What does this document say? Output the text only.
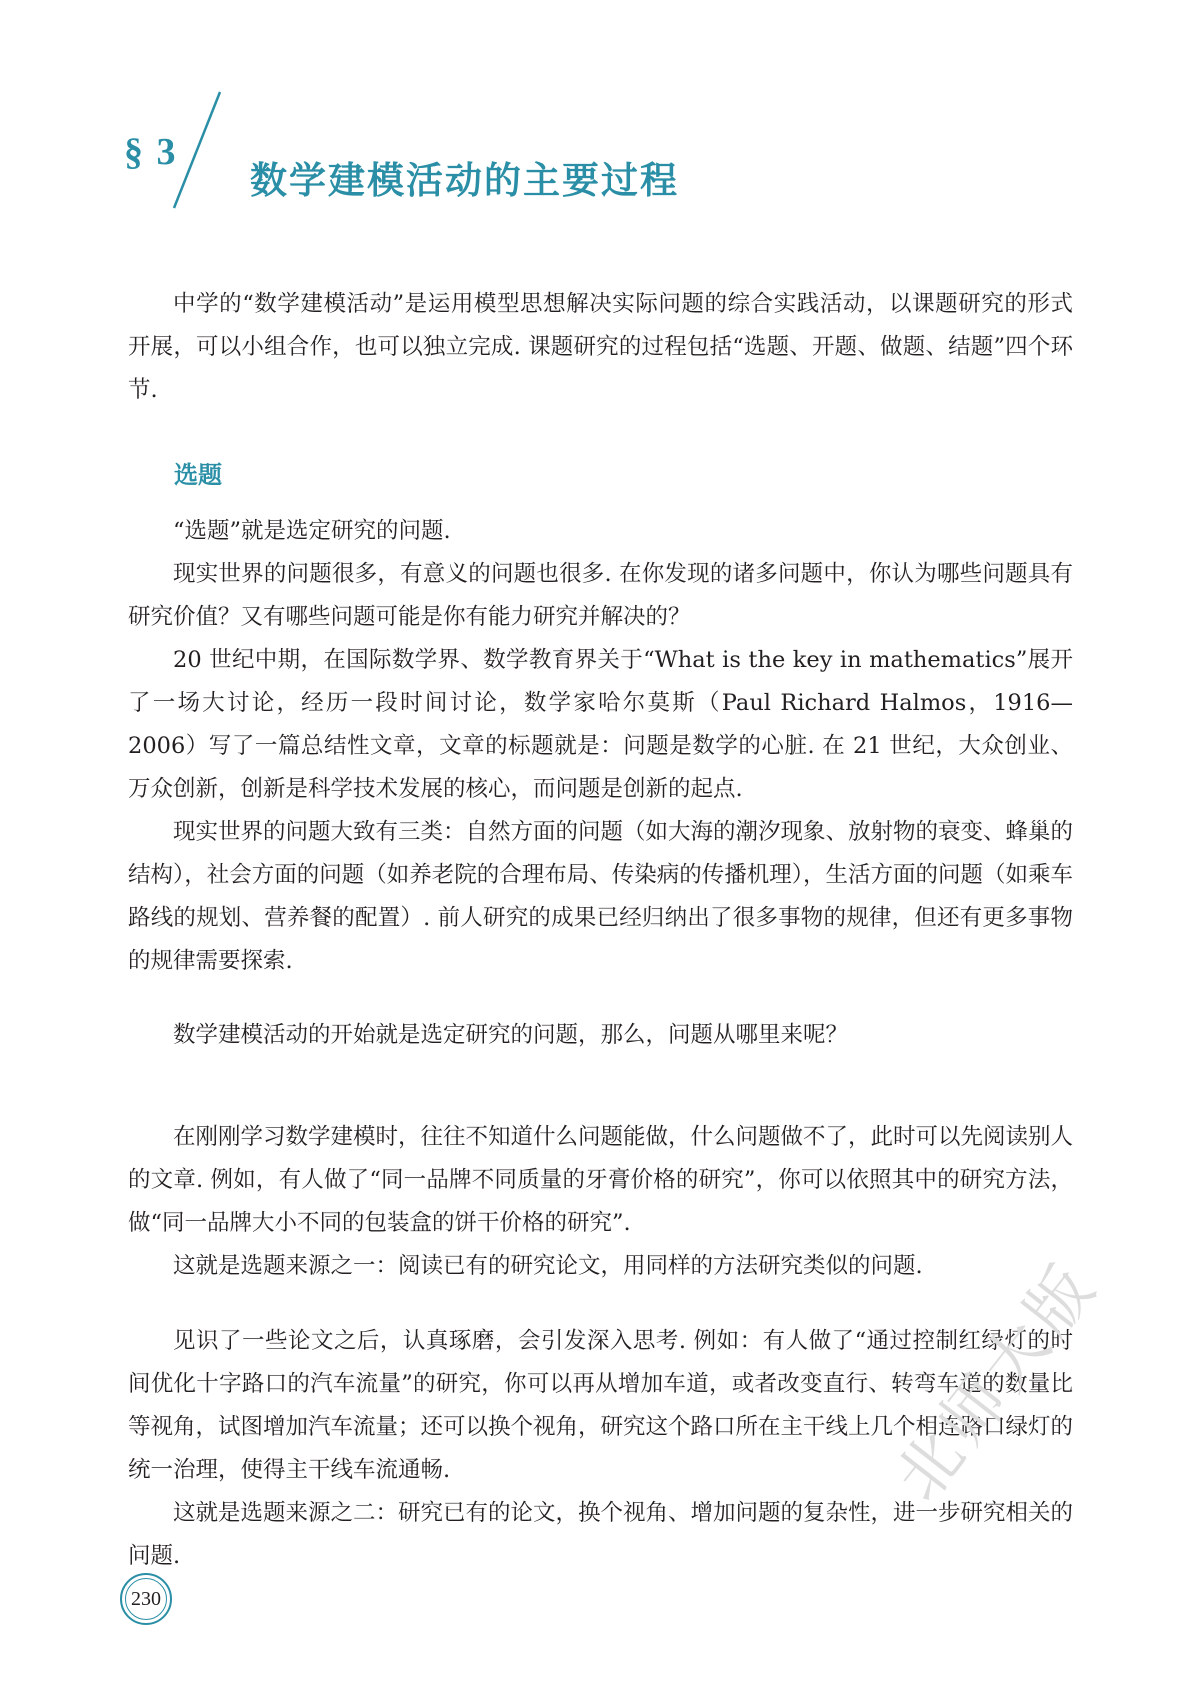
§ 3
数学建模活动的主要过程

中学的“数学建模活动”是运用模型思想解决实际问题的综合实践活动，以课题研究的形式开展，可以小组合作，也可以独立完成. 课题研究的过程包括“选题、开题、做题、结题”四个环节.

选题

“选题”就是选定研究的问题.

现实世界的问题很多，有意义的问题也很多. 在你发现的诸多问题中，你认为哪些问题具有研究价值？又有哪些问题可能是你有能力研究并解决的？

20 世纪中期，在国际数学界、数学教育界关于“What is the key in mathematics”展开了一场大讨论，经历一段时间讨论，数学家哈尔莫斯（Paul Richard Halmos，1916—2006）写了一篇总结性文章，文章的标题就是：问题是数学的心脏. 在 21 世纪，大众创业、万众创新，创新是科学技术发展的核心，而问题是创新的起点.

现实世界的问题大致有三类：自然方面的问题（如大海的潮汐现象、放射物的衰变、蜂巢的结构），社会方面的问题（如养老院的合理布局、传染病的传播机理），生活方面的问题（如乘车路线的规划、营养餐的配置）. 前人研究的成果已经归纳出了很多事物的规律，但还有更多事物的规律需要探索.

数学建模活动的开始就是选定研究的问题，那么，问题从哪里来呢？

在刚刚学习数学建模时，往往不知道什么问题能做，什么问题做不了，此时可以先阅读别人的文章. 例如，有人做了“同一品牌不同质量的牙膏价格的研究”，你可以依照其中的研究方法，做“同一品牌大小不同的包装盒的饼干价格的研究”.

这就是选题来源之一：阅读已有的研究论文，用同样的方法研究类似的问题.

见识了一些论文之后，认真琢磨，会引发深入思考. 例如：有人做了“通过控制红绿灯的时间优化十字路口的汽车流量”的研究，你可以再从增加车道，或者改变直行、转弯车道的数量比等视角，试图增加汽车流量；还可以换个视角，研究这个路口所在主干线上几个相连路口绿灯的统一治理，使得主干线车流通畅.

这就是选题来源之二：研究已有的论文，换个视角、增加问题的复杂性，进一步研究相关的问题.

230
北师大版
